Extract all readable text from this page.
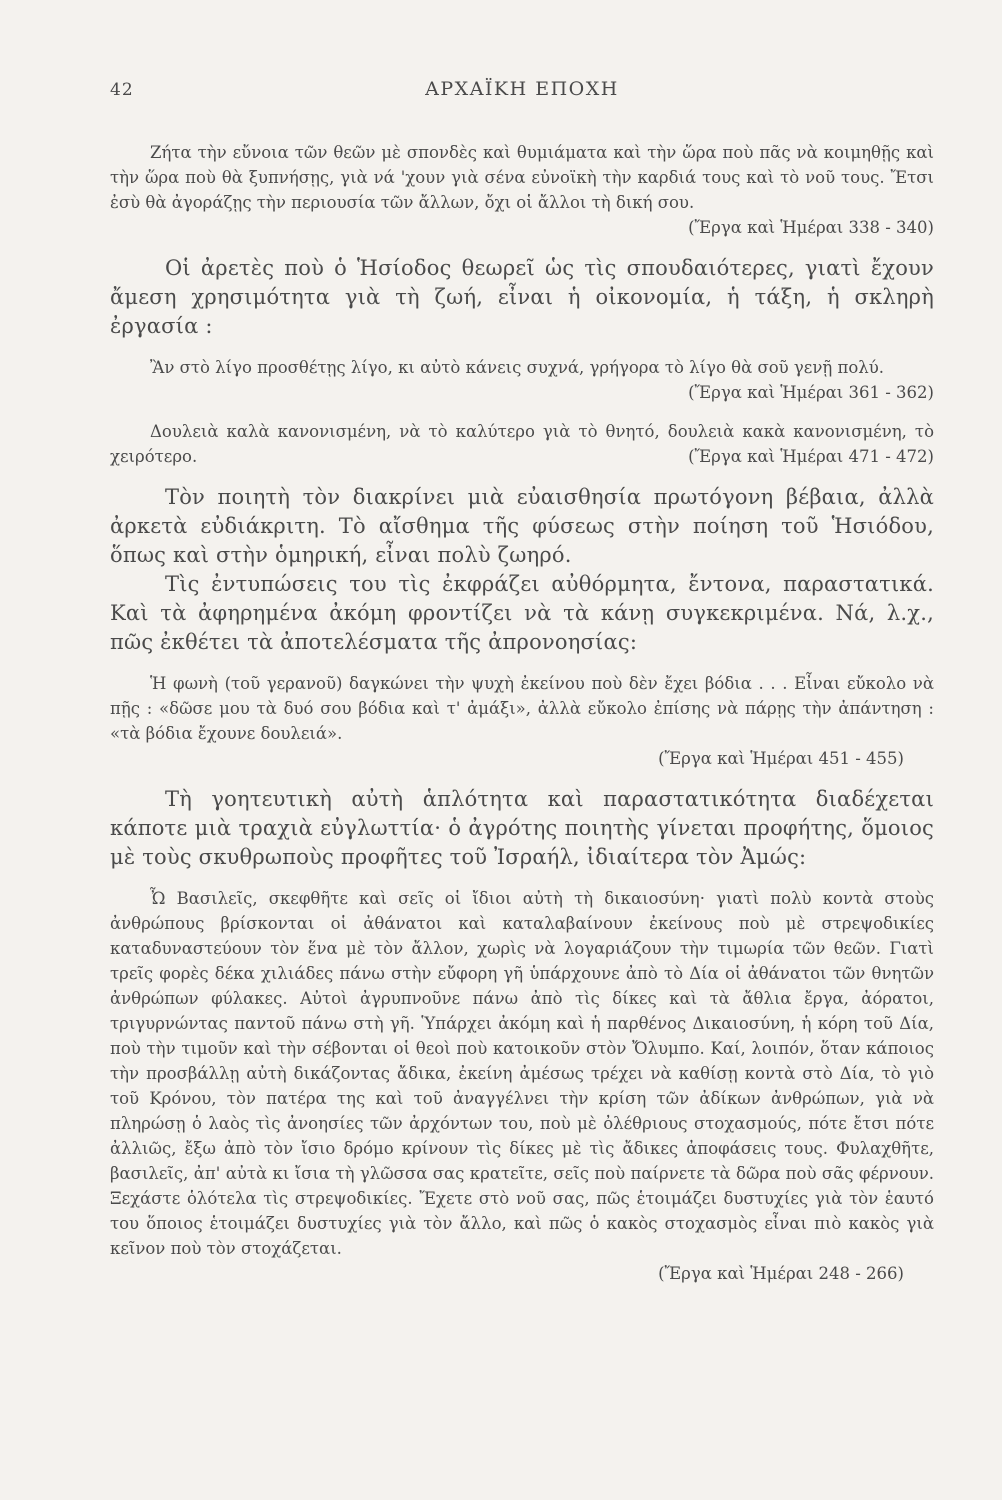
42	ΑΡΧΑΪΚΗ ΕΠΟΧΗ

Ζήτα τὴν εὔνοια τῶν θεῶν μὲ σπονδὲς καὶ θυμιάματα καὶ τὴν ὥρα ποὺ πᾶς νὰ κοιμηθῇς καὶ τὴν ὥρα ποὺ θὰ ξυπνήσῃς, γιὰ νά 'χουν γιὰ σένα εὐνοϊκὴ τὴν καρδιά τους καὶ τὸ νοῦ τους. Ἔτσι ἐσὺ θὰ ἀγοράζῃς τὴν περιουσία τῶν ἄλλων, ὄχι οἱ ἄλλοι τὴ δική σου.
(Ἔργα καὶ Ἡμέραι 338 - 340)

Οἱ ἀρετὲς ποὺ ὁ Ἡσίοδος θεωρεῖ ὡς τὶς σπουδαιότερες, γιατὶ ἔχουν ἄμεση χρησιμότητα γιὰ τὴ ζωή, εἶναι ἡ οἰκονομία, ἡ τάξη, ἡ σκληρὴ ἐργασία :

Ἂν στὸ λίγο προσθέτῃς λίγο, κι αὐτὸ κάνεις συχνά, γρήγορα τὸ λίγο θὰ σοῦ γενῇ πολύ.
(Ἔργα καὶ Ἡμέραι 361 - 362)

Δουλειὰ καλὰ κανονισμένη, νὰ τὸ καλύτερο γιὰ τὸ θνητό, δουλειὰ κακὰ κανονισμένη, τὸ χειρότερο.	(Ἔργα καὶ Ἡμέραι 471 - 472)

Τὸν ποιητὴ τὸν διακρίνει μιὰ εὐαισθησία πρωτόγονη βέβαια, ἀλλὰ ἀρκετὰ εὐδιάκριτη. Τὸ αἴσθημα τῆς φύσεως στὴν ποίηση τοῦ Ἡσιόδου, ὅπως καὶ στὴν ὁμηρική, εἶναι πολὺ ζωηρό.

Τὶς ἐντυπώσεις του τὶς ἐκφράζει αὐθόρμητα, ἔντονα, παραστατικά. Καὶ τὰ ἀφηρημένα ἀκόμη φροντίζει νὰ τὰ κάνῃ συγκεκριμένα. Νά, λ.χ., πῶς ἐκθέτει τὰ ἀποτελέσματα τῆς ἀπρονοησίας:

Ἡ φωνὴ (τοῦ γερανοῦ) δαγκώνει τὴν ψυχὴ ἐκείνου ποὺ δὲν ἔχει βόδια . . . Εἶναι εὔκολο νὰ πῇς : «δῶσε μου τὰ δυό σου βόδια καὶ τ' ἀμάξι», ἀλλὰ εὔκολο ἐπίσης νὰ πάρῃς τὴν ἀπάντηση : «τὰ βόδια ἔχουνε δουλειά».

(Ἔργα καὶ Ἡμέραι 451 - 455)

Τὴ γοητευτικὴ αὐτὴ ἁπλότητα καὶ παραστατικότητα διαδέχεται κάποτε μιὰ τραχιὰ εὐγλωττία· ὁ ἀγρότης ποιητὴς γίνεται προφήτης, ὅμοιος μὲ τοὺς σκυθρωποὺς προφῆτες τοῦ Ἰσραήλ, ἰδιαίτερα τὸν Ἀμώς:

Ὦ Βασιλεῖς, σκεφθῆτε καὶ σεῖς οἱ ἴδιοι αὐτὴ τὴ δικαιοσύνη· γιατὶ πολὺ κοντὰ στοὺς ἀνθρώπους βρίσκονται οἱ ἀθάνατοι καὶ καταλαβαίνουν ἐκείνους ποὺ μὲ στρεψοδικίες καταδυναστεύουν τὸν ἕνα μὲ τὸν ἄλλον, χωρὶς νὰ λογαριάζουν τὴν τιμωρία τῶν θεῶν. Γιατὶ τρεῖς φορὲς δέκα χιλιάδες πάνω στὴν εὔφορη γῆ ὑπάρχουνε ἀπὸ τὸ Δία οἱ ἀθάνατοι τῶν θνητῶν ἀνθρώπων φύλακες. Αὐτοὶ ἀγρυπνοῦνε πάνω ἀπὸ τὶς δίκες καὶ τὰ ἄθλια ἔργα, ἀόρατοι, τριγυρνώντας παντοῦ πάνω στὴ γῆ. Ὑπάρχει ἀκόμη καὶ ἡ παρθένος Δικαιοσύνη, ἡ κόρη τοῦ Δία, ποὺ τὴν τιμοῦν καὶ τὴν σέβονται οἱ θεοὶ ποὺ κατοικοῦν στὸν Ὄλυμπο. Καί, λοιπόν, ὅταν κάποιος τὴν προσβάλλῃ αὐτὴ δικάζοντας ἄδικα, ἐκείνη ἀμέσως τρέχει νὰ καθίσῃ κοντὰ στὸ Δία, τὸ γιὸ τοῦ Κρόνου, τὸν πατέρα της καὶ τοῦ ἀναγγέλνει τὴν κρίση τῶν ἀδίκων ἀνθρώπων, γιὰ νὰ πληρώσῃ ὁ λαὸς τὶς ἀνοησίες τῶν ἀρχόντων του, ποὺ μὲ ὀλέθριους στοχασμούς, πότε ἔτσι πότε ἀλλιῶς, ἔξω ἀπὸ τὸν ἴσιο δρόμο κρίνουν τὶς δίκες μὲ τὶς ἄδικες ἀποφάσεις τους. Φυλαχθῆτε, βασιλεῖς, ἀπ' αὐτὰ κι ἴσια τὴ γλῶσσα σας κρατεῖτε, σεῖς ποὺ παίρνετε τὰ δῶρα ποὺ σᾶς φέρνουν. Ξεχάστε ὁλότελα τὶς στρεψοδικίες. Ἔχετε στὸ νοῦ σας, πῶς ἑτοιμάζει δυστυχίες γιὰ τὸν ἑαυτό του ὅποιος ἑτοιμάζει δυστυχίες γιὰ τὸν ἄλλο, καὶ πῶς ὁ κακὸς στοχασμὸς εἶναι πιὸ κακὸς γιὰ κεῖνον ποὺ τὸν στοχάζεται.

(Ἔργα καὶ Ἡμέραι 248 - 266)
